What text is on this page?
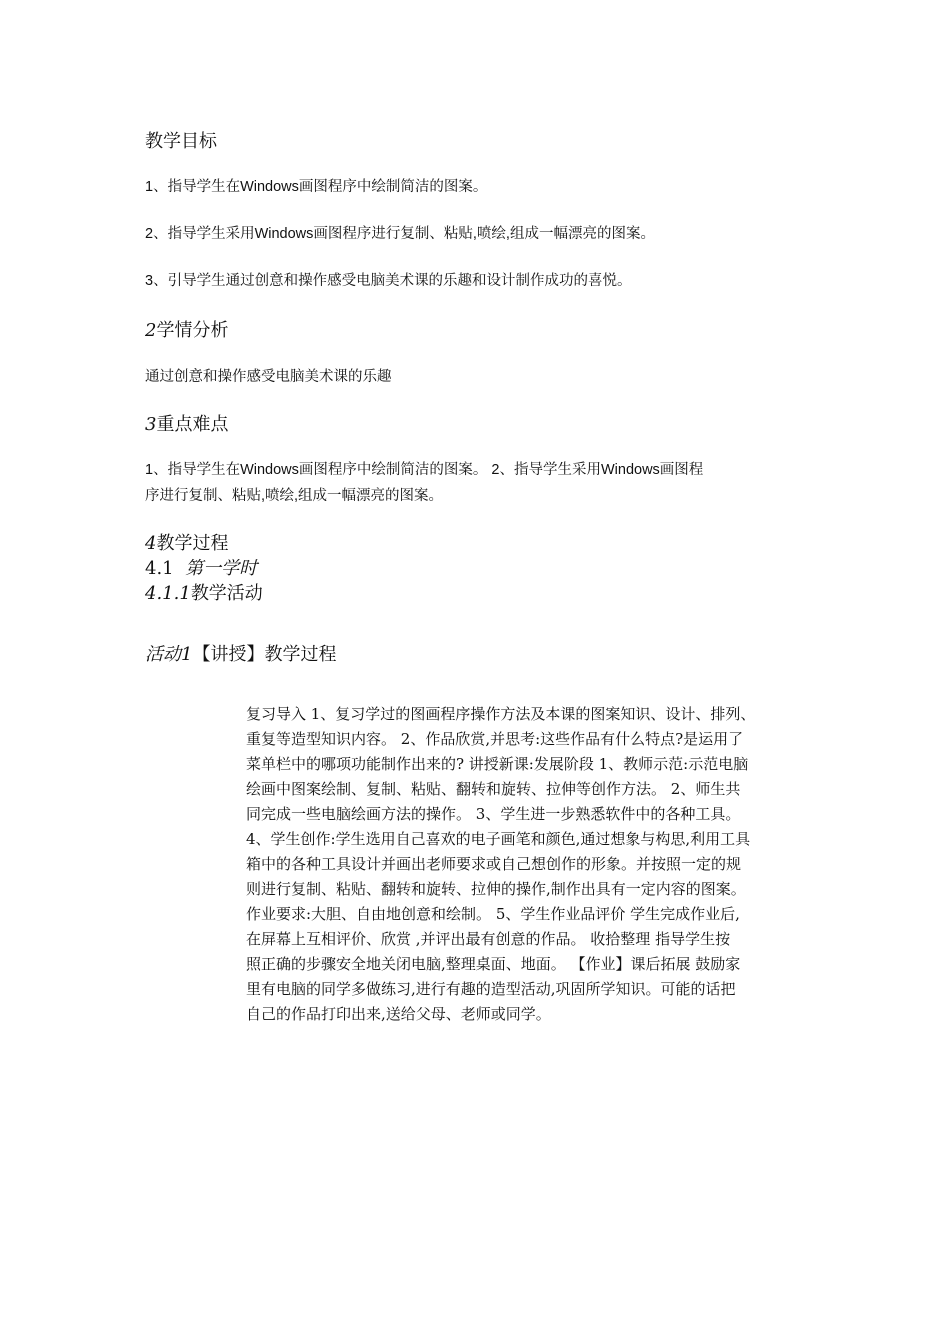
教学目标
1、指导学生在Windows画图程序中绘制简洁的图案。
2、指导学生采用Windows画图程序进行复制、粘贴,喷绘,组成一幅漂亮的图案。
3、引导学生通过创意和操作感受电脑美术课的乐趣和设计制作成功的喜悦。
2学情分析
通过创意和操作感受电脑美术课的乐趣
3重点难点
1、指导学生在Windows画图程序中绘制简洁的图案。 2、指导学生采用Windows画图程
序进行复制、粘贴,喷绘,组成一幅漂亮的图案。
4教学过程
4.1 第一学时
4.1.1教学活动
活动1【讲授】教学过程
复习导入 1、复习学过的图画程序操作方法及本课的图案知识、设计、排列、
重复等造型知识内容。 2、作品欣赏,并思考:这些作品有什么特点?是运用了
菜单栏中的哪项功能制作出来的? 讲授新课:发展阶段 1、教师示范:示范电脑
绘画中图案绘制、复制、粘贴、翻转和旋转、拉伸等创作方法。 2、师生共
同完成一些电脑绘画方法的操作。 3、学生进一步熟悉软件中的各种工具。
4、学生创作:学生选用自己喜欢的电子画笔和颜色,通过想象与构思,利用工具
箱中的各种工具设计并画出老师要求或自己想创作的形象。并按照一定的规
则进行复制、粘贴、翻转和旋转、拉伸的操作,制作出具有一定内容的图案。
作业要求:大胆、自由地创意和绘制。 5、学生作业品评价 学生完成作业后,
在屏幕上互相评价、欣赏 ,并评出最有创意的作品。 收拾整理 指导学生按
照正确的步骤安全地关闭电脑,整理桌面、地面。 【作业】课后拓展 鼓励家
里有电脑的同学多做练习,进行有趣的造型活动,巩固所学知识。可能的话把
自己的作品打印出来,送给父母、老师或同学。
